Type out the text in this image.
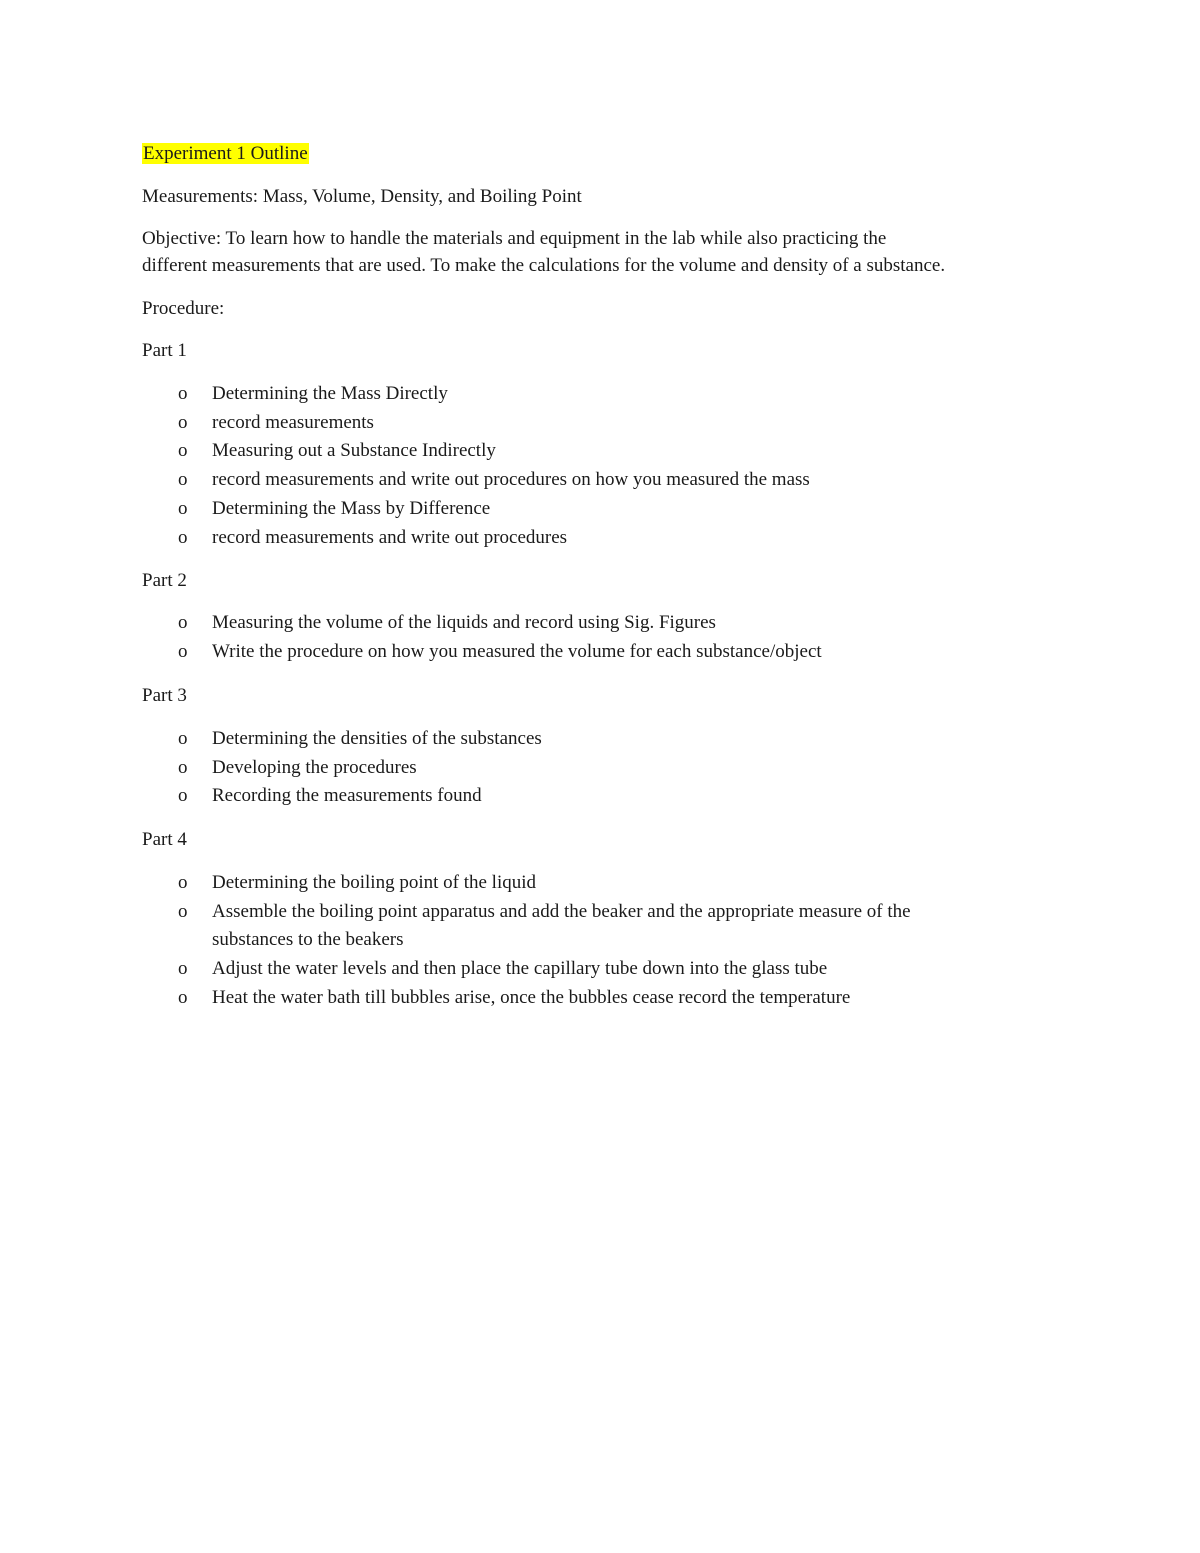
Experiment 1 Outline

Measurements: Mass, Volume, Density, and Boiling Point

Objective: To learn how to handle the materials and equipment in the lab while also practicing the

different measurements that are used. To make the calculations for the volume and density of a substance.

Procedure:

Part 1

o Determining the Mass Directly
o record measurements
o Measuring out a Substance Indirectly
o record measurements and write out procedures on how you measured the mass
o Determining the Mass by Difference
o record measurements and write out procedures

Part 2

o Measuring the volume of the liquids and record using Sig. Figures
o Write the procedure on how you measured the volume for each substance/object

Part 3

o Determining the densities of the substances
o Developing the procedures
o Recording the measurements found

Part 4

o Determining the boiling point of the liquid
o Assemble the boiling point apparatus and add the beaker and the appropriate measure of the
substances to the beakers
o Adjust the water levels and then place the capillary tube down into the glass tube
o Heat the water bath till bubbles arise, once the bubbles cease record the temperature
